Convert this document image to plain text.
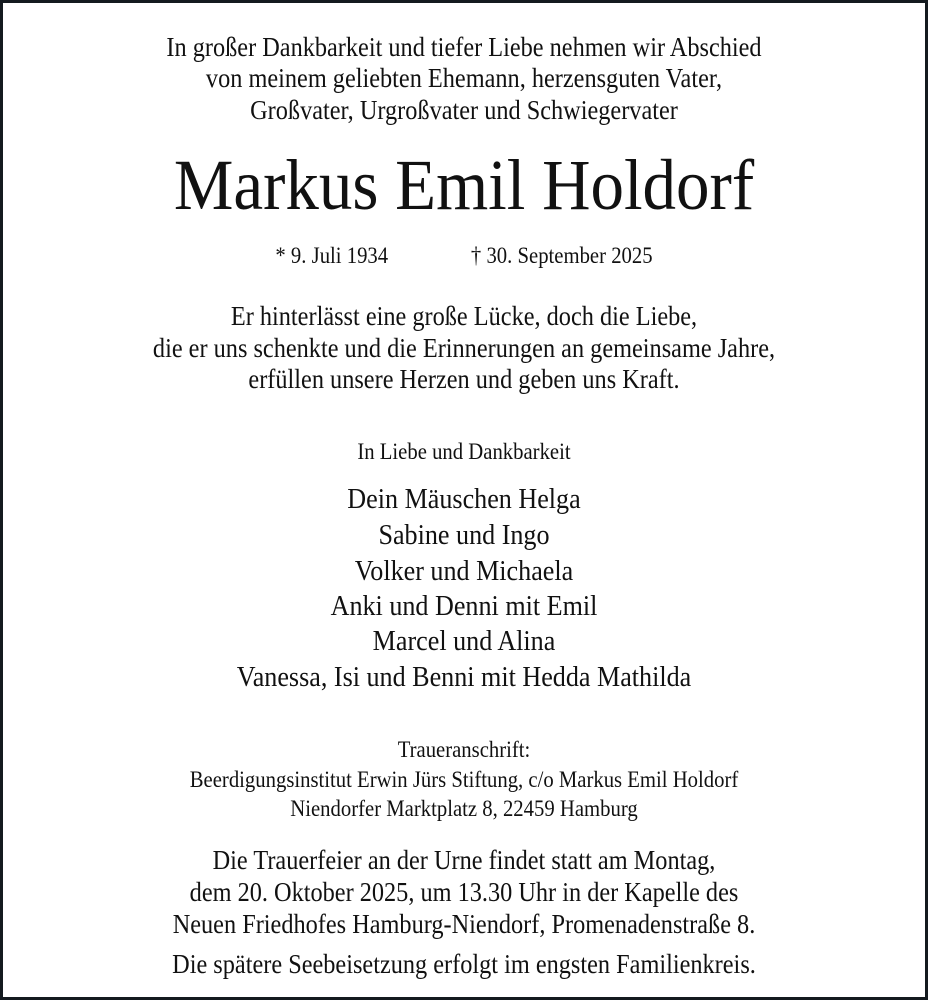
In großer Dankbarkeit und tiefer Liebe nehmen wir Abschied
von meinem geliebten Ehemann, herzensguten Vater,
Großvater, Urgroßvater und Schwiegervater
Markus Emil Holdorf
* 9. Juli 1934	† 30. September 2025
Er hinterlässt eine große Lücke, doch die Liebe,
die er uns schenkte und die Erinnerungen an gemeinsame Jahre,
erfüllen unsere Herzen und geben uns Kraft.
In Liebe und Dankbarkeit
Dein Mäuschen Helga
Sabine und Ingo
Volker und Michaela
Anki und Denni mit Emil
Marcel und Alina
Vanessa, Isi und Benni mit Hedda Mathilda
Traueranschrift:
Beerdigungsinstitut Erwin Jürs Stiftung, c/o Markus Emil Holdorf
Niendorfer Marktplatz 8, 22459 Hamburg
Die Trauerfeier an der Urne findet statt am Montag,
dem 20. Oktober 2025, um 13.30 Uhr in der Kapelle des
Neuen Friedhofes Hamburg-Niendorf, Promenadenstraße 8.
Die spätere Seebeisetzung erfolgt im engsten Familienkreis.
